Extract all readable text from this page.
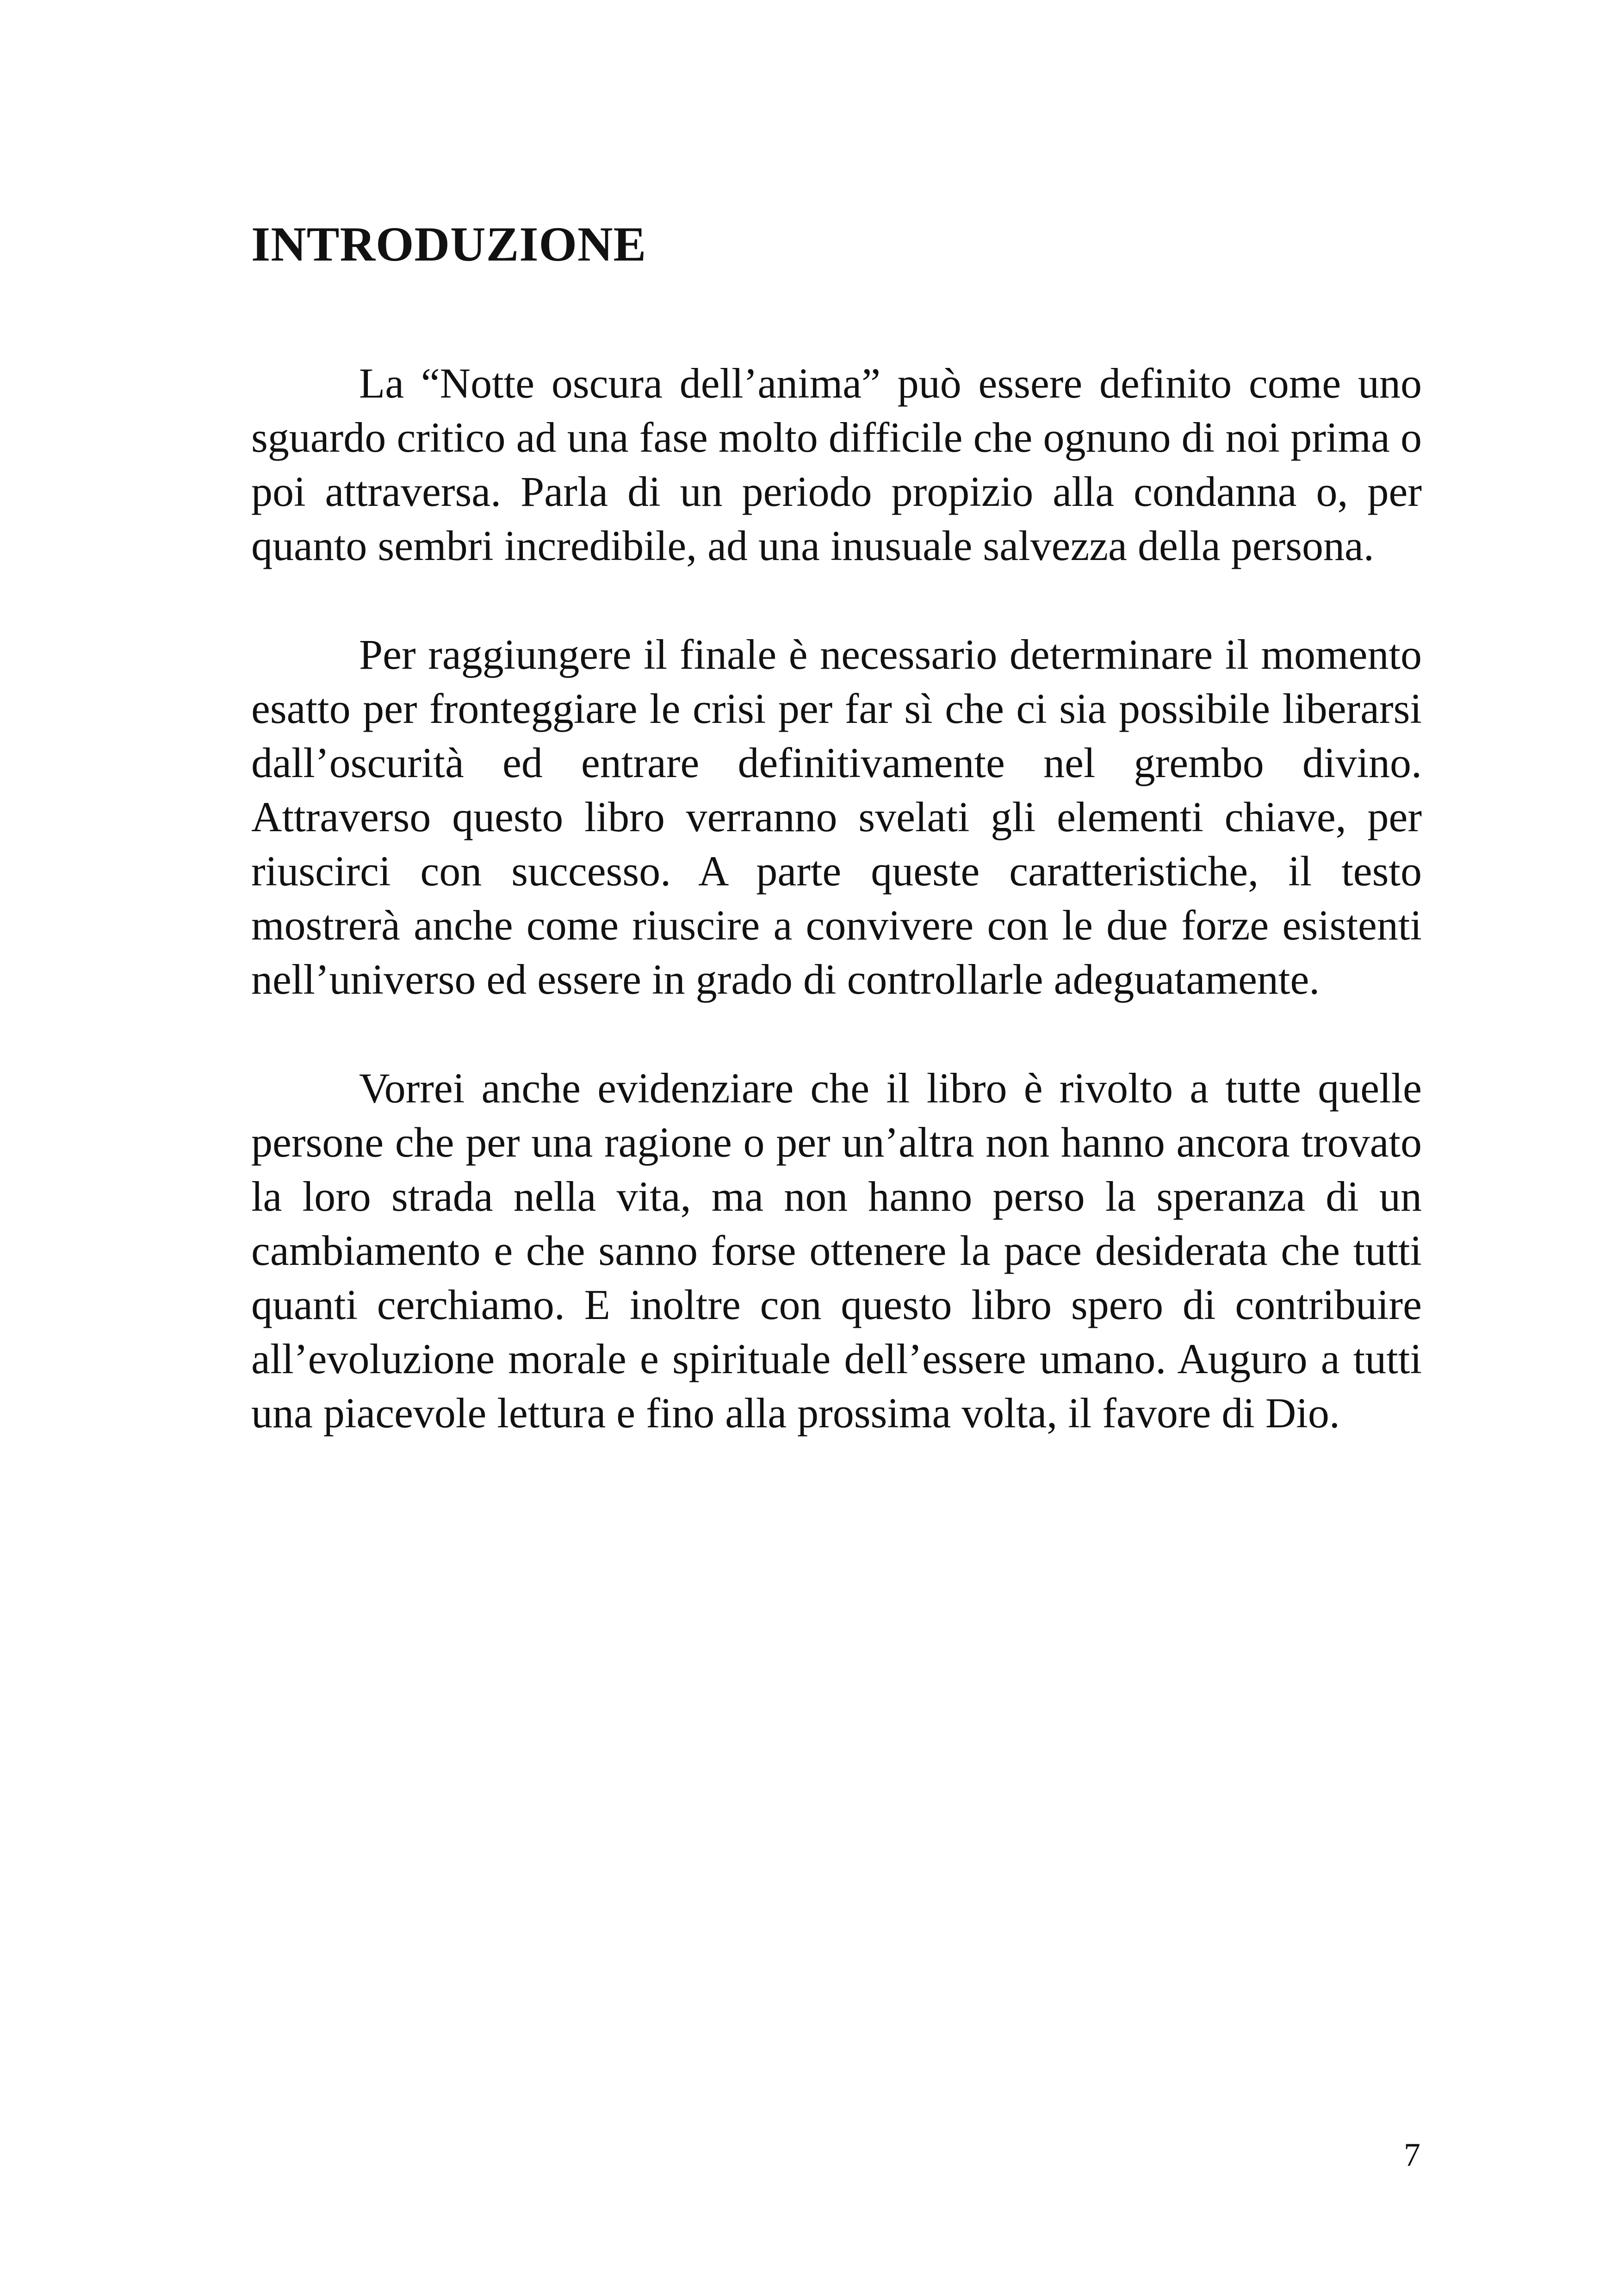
INTRODUZIONE

La “Notte oscura dell’anima” può essere definito come uno sguardo critico ad una fase molto difficile che ognuno di noi prima o poi attraversa. Parla di un periodo propizio alla condanna o, per quanto sembri incredibile, ad una inusuale salvezza della persona.

Per raggiungere il finale è necessario determinare il momento esatto per fronteggiare le crisi per far sì che ci sia possibile liberarsi dall’oscurità ed entrare definitivamente nel grembo divino. Attraverso questo libro verranno svelati gli elementi chiave, per riuscirci con successo. A parte queste caratteristiche, il testo mostrerà anche come riuscire a convivere con le due forze esistenti nell’universo ed essere in grado di controllarle adeguatamente.

Vorrei anche evidenziare che il libro è rivolto a tutte quelle persone che per una ragione o per un’altra non hanno ancora trovato la loro strada nella vita, ma non hanno perso la speranza di un cambiamento e che sanno forse ottenere la pace desiderata che tutti quanti cerchiamo. E inoltre con questo libro spero di contribuire all’evoluzione morale e spirituale dell’essere umano. Auguro a tutti una piacevole lettura e fino alla prossima volta, il favore di Dio.

7
